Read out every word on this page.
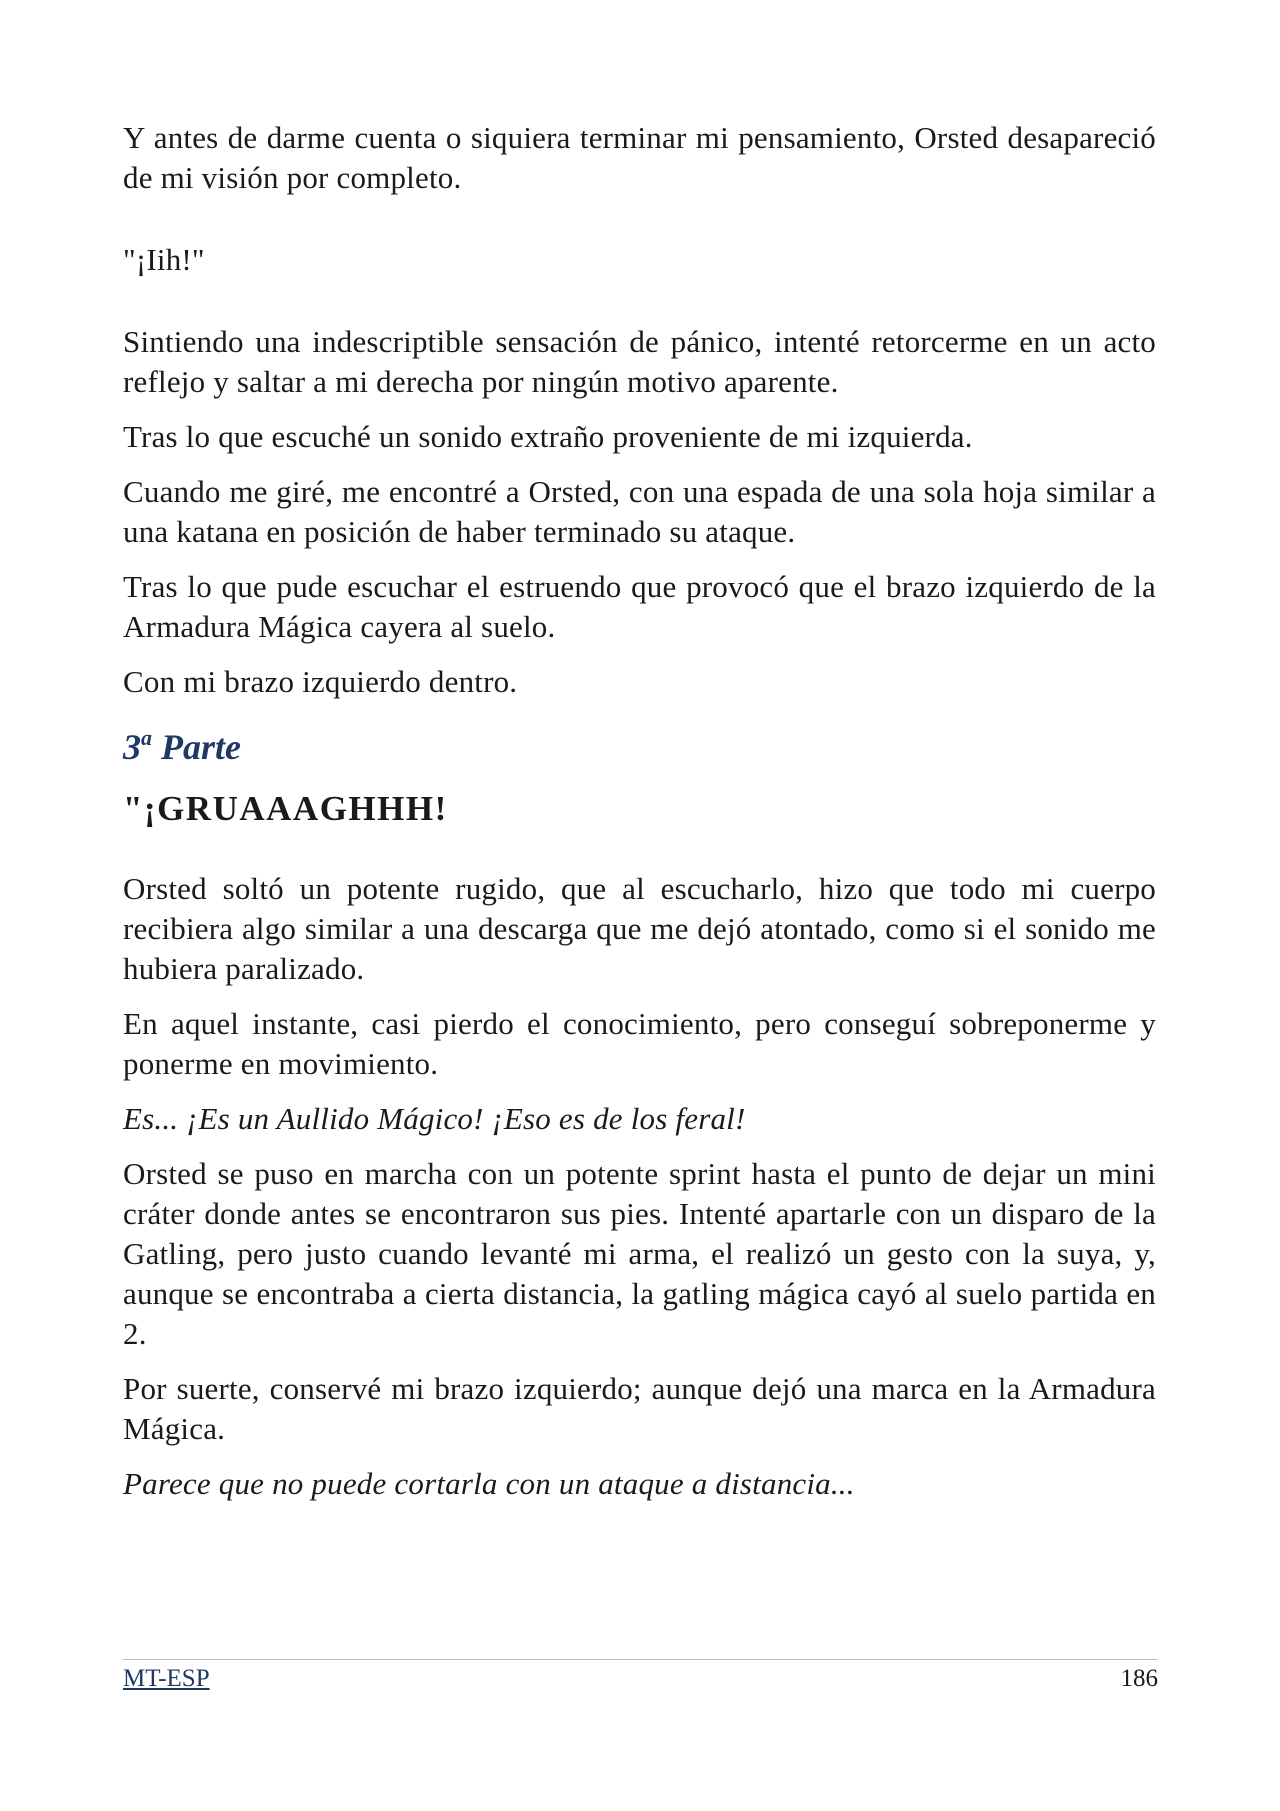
Y antes de darme cuenta o siquiera terminar mi pensamiento, Orsted desapareció de mi visión por completo.

"¡Iih!"

Sintiendo una indescriptible sensación de pánico, intenté retorcerme en un acto reflejo y saltar a mi derecha por ningún motivo aparente.

Tras lo que escuché un sonido extraño proveniente de mi izquierda.

Cuando me giré, me encontré a Orsted, con una espada de una sola hoja similar a una katana en posición de haber terminado su ataque.

Tras lo que pude escuchar el estruendo que provocó que el brazo izquierdo de la Armadura Mágica cayera al suelo.

Con mi brazo izquierdo dentro.

3$^a$ Parte
"¡GRUAAAGHHH!

Orsted soltó un potente rugido, que al escucharlo, hizo que todo mi cuerpo recibiera algo similar a una descarga que me dejó atontado, como si el sonido me hubiera paralizado.

En aquel instante, casi pierdo el conocimiento, pero conseguí sobreponerme y ponerme en movimiento.

Es... ¡Es un Aullido Mágico! ¡Eso es de los feral!

Orsted se puso en marcha con un potente sprint hasta el punto de dejar un mini cráter donde antes se encontraron sus pies. Intenté apartarle con un disparo de la Gatling, pero justo cuando levanté mi arma, el realizó un gesto con la suya, y, aunque se encontraba a cierta distancia, la gatling mágica cayó al suelo partida en 2.

Por suerte, conservé mi brazo izquierdo; aunque dejó una marca en la Armadura Mágica.

Parece que no puede cortarla con un ataque a distancia...

MT-ESP	186
